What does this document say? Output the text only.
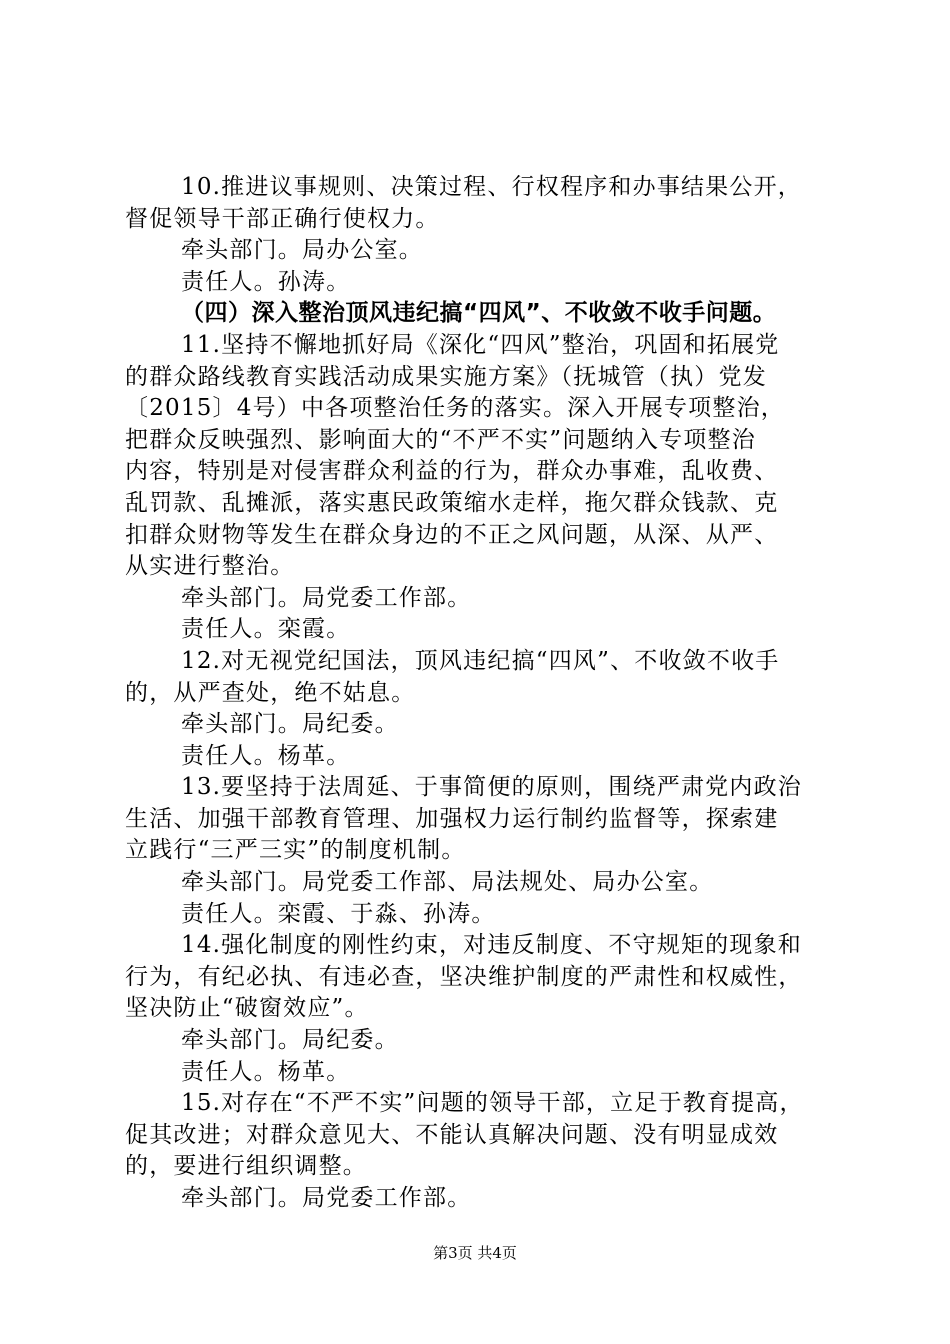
10.推进议事规则、决策过程、行权程序和办事结果公开，
督促领导干部正确行使权力。
牵头部门。局办公室。
责任人。孙涛。
（四）深入整治顶风违纪搞“四风”、不收敛不收手问题。
11.坚持不懈地抓好局《深化“四风”整治，巩固和拓展党
的群众路线教育实践活动成果实施方案》（抚城管（执）党发
〔2015〕4号）中各项整治任务的落实。深入开展专项整治，
把群众反映强烈、影响面大的“不严不实”问题纳入专项整治
内容，特别是对侵害群众利益的行为，群众办事难，乱收费、
乱罚款、乱摊派，落实惠民政策缩水走样，拖欠群众钱款、克
扣群众财物等发生在群众身边的不正之风问题，从深、从严、
从实进行整治。
牵头部门。局党委工作部。
责任人。栾霞。
12.对无视党纪国法，顶风违纪搞“四风”、不收敛不收手
的，从严查处，绝不姑息。
牵头部门。局纪委。
责任人。杨革。
13.要坚持于法周延、于事简便的原则，围绕严肃党内政治
生活、加强干部教育管理、加强权力运行制约监督等，探索建
立践行“三严三实”的制度机制。
牵头部门。局党委工作部、局法规处、局办公室。
责任人。栾霞、于淼、孙涛。
14.强化制度的刚性约束，对违反制度、不守规矩的现象和
行为，有纪必执、有违必查，坚决维护制度的严肃性和权威性，
坚决防止“破窗效应”。
牵头部门。局纪委。
责任人。杨革。
15.对存在“不严不实”问题的领导干部，立足于教育提高，
促其改进；对群众意见大、不能认真解决问题、没有明显成效
的，要进行组织调整。
牵头部门。局党委工作部。
第3页 共4页
